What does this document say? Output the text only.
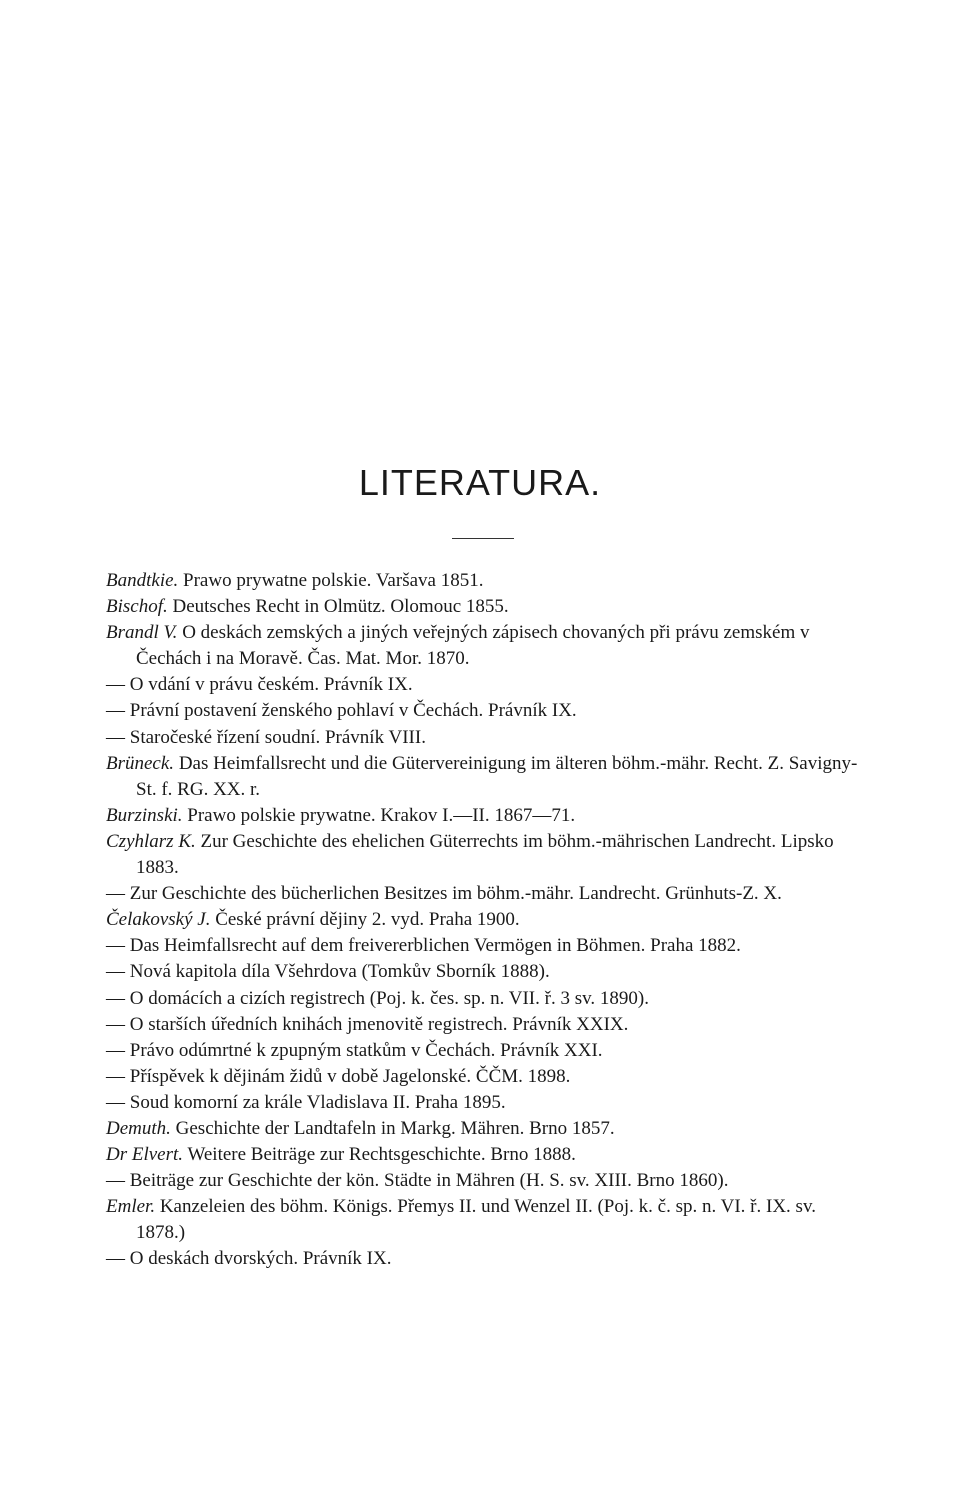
LITERATURA.

Bandtkie. Prawo prywatne polskie. Varšava 1851.

Bischof. Deutsches Recht in Olmütz. Olomouc 1855.

Brandl V. O deskách zemských a jiných veřejných zápisech chovaných při právu zemském v Čechách i na Moravě. Čas. Mat. Mor. 1870.

— O vdání v právu českém. Právník IX.

— Právní postavení ženského pohlaví v Čechách. Právník IX.

— Staročeské řízení soudní. Právník VIII.

Brüneck. Das Heimfallsrecht und die Gütervereinigung im älteren böhm.-mähr. Recht. Z. Savigny-St. f. RG. XX. r.

Burzinski. Prawo polskie prywatne. Krakov I.—II. 1867—71.

Czyhlarz K. Zur Geschichte des ehelichen Güterrechts im böhm.-mährischen Landrecht. Lipsko 1883.

— Zur Geschichte des bücherlichen Besitzes im böhm.-mähr. Landrecht. Grünhuts-Z. X.

Čelakovský J. České právní dějiny 2. vyd. Praha 1900.

— Das Heimfallsrecht auf dem freivererblichen Vermögen in Böhmen. Praha 1882.

— Nová kapitola díla Všehrdova (Tomkův Sborník 1888).

— O domácích a cizích registrech (Poj. k. čes. sp. n. VII. ř. 3 sv. 1890).

— O starších úředních knihách jmenovitě registrech. Právník XXIX.

— Právo odúmrtné k zpupným statkům v Čechách. Právník XXI.

— Příspěvek k dějinám židů v době Jagelonské. ČČM. 1898.

— Soud komorní za krále Vladislava II. Praha 1895.

Demuth. Geschichte der Landtafeln in Markg. Mähren. Brno 1857.

Dr Elvert. Weitere Beiträge zur Rechtsgeschichte. Brno 1888.

— Beiträge zur Geschichte der kön. Städte in Mähren (H. S. sv. XIII. Brno 1860).

Emler. Kanzeleien des böhm. Königs. Přemys II. und Wenzel II. (Poj. k. č. sp. n. VI. ř. IX. sv. 1878.)

— O deskách dvorských. Právník IX.
